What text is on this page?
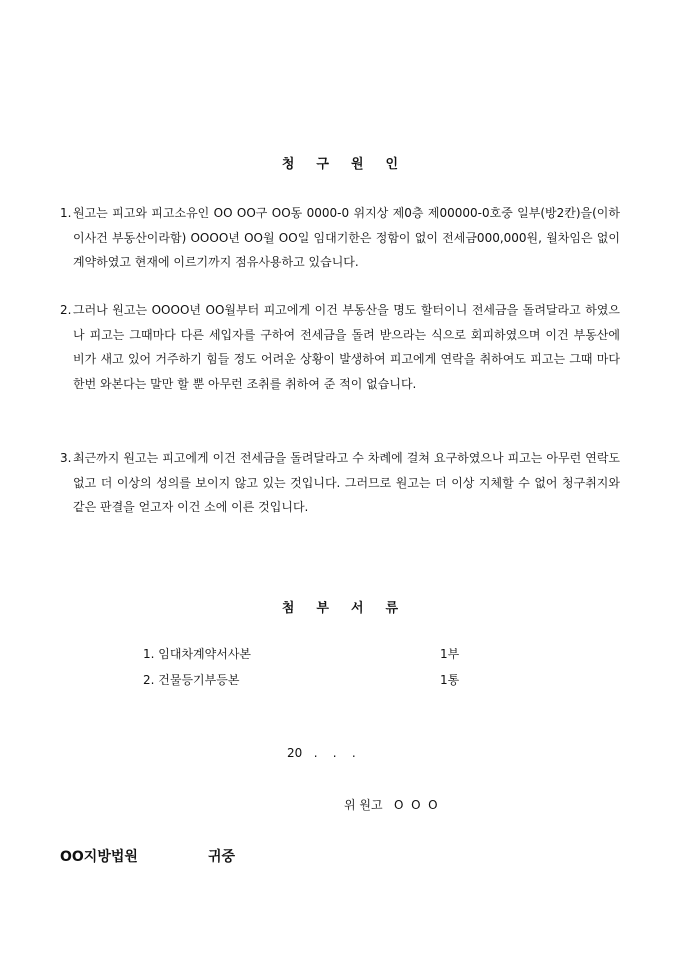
청구원인
1. 원고는 피고와 피고소유인 OO OO구 OO동 0000-0 위지상 제0층 제00000-0호중 일부(방2칸)을(이하 이사건 부동산이라함) OOOO년 OO월 OO일 임대기한은 정함이 없이 전세금000,000원, 월차임은 없이 계약하였고 현재에 이르기까지 점유사용하고 있습니다.
2. 그러나 원고는 OOOO년 OO월부터 피고에게 이건 부동산을 명도 할터이니 전세금을 돌려달라고 하였으나 피고는 그때마다 다른 세입자를 구하여 전세금을 돌려 받으라는 식으로 회피하였으며 이건 부동산에 비가 새고 있어 거주하기 힘들 정도 어려운 상황이 발생하여 피고에게 연락을 취하여도 피고는 그때 마다 한번 와본다는 말만 할 뿐 아무런 조취를 취하여 준 적이 없습니다.
3. 최근까지 원고는 피고에게 이건 전세금을 돌려달라고 수 차례에 걸쳐 요구하였으나 피고는 아무런 연락도 없고 더 이상의 성의를 보이지 않고 있는 것입니다. 그러므로 원고는 더 이상 지체할 수 없어 청구취지와 같은 판결을 얻고자 이건 소에 이른 것입니다.
첨부서류
1. 임대차계약서사본	1부
2. 건물등기부등본	1통
20   .    .    .
위 원고   O  O  O
OO지방법원	귀중
